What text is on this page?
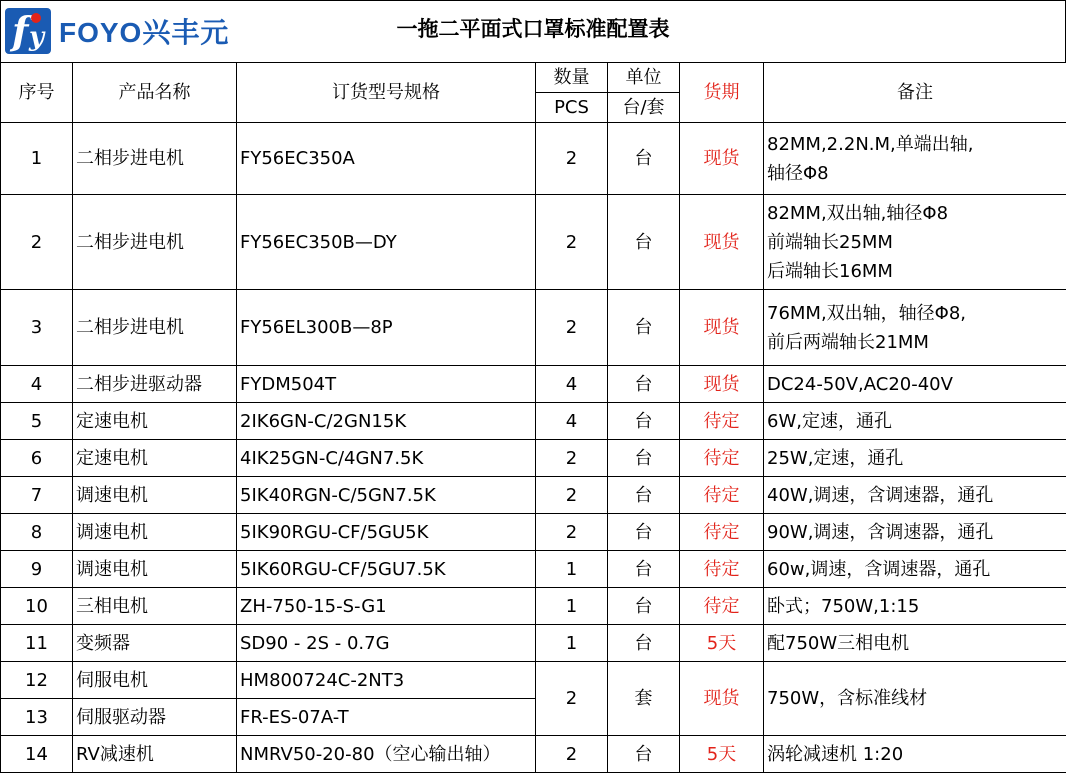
f y FOYO兴丰元	一拖二平面式口罩标准配置表
序号	产品名称	订货型号规格	数量	单位	货期	备注
			PCS	台/套		
1	二相步进电机	FY56EC350A	2	台	现货	82MM,2.2N.M,单端出轴,
轴径Φ8

2	二相步进电机	FY56EC350B—DY	2	台	现货	82MM,双出轴,轴径Φ8
前端轴长25MM
后端轴长16MM

3	二相步进电机	FY56EL300B—8P	2	台	现货	76MM,双出轴，轴径Φ8,
前后两端轴长21MM

4	二相步进驱动器	FYDM504T	4	台	现货	DC24-50V,AC20-40V

5	定速电机	2IK6GN-C/2GN15K	4	台	待定	6W,定速，通孔

6	定速电机	4IK25GN-C/4GN7.5K	2	台	待定	25W,定速，通孔

7	调速电机	5IK40RGN-C/5GN7.5K	2	台	待定	40W,调速，含调速器，通孔

8	调速电机	5IK90RGU-CF/5GU5K	2	台	待定	90W,调速，含调速器，通孔

9	调速电机	5IK60RGU-CF/5GU7.5K	1	台	待定	60w,调速，含调速器，通孔

10	三相电机	ZH-750-15-S-G1	1	台	待定	卧式；750W,1:15

11	变频器	SD90 - 2S - 0.7G	1	台	5天	配750W三相电机

12	伺服电机	HM800724C-2NT3	2	套	现货	750W，含标准线材

13	伺服驱动器	FR-ES-07A-T				
14	RV减速机	NMRV50-20-80（空心输出轴）	2	台	5天	涡轮减速机 1:20
